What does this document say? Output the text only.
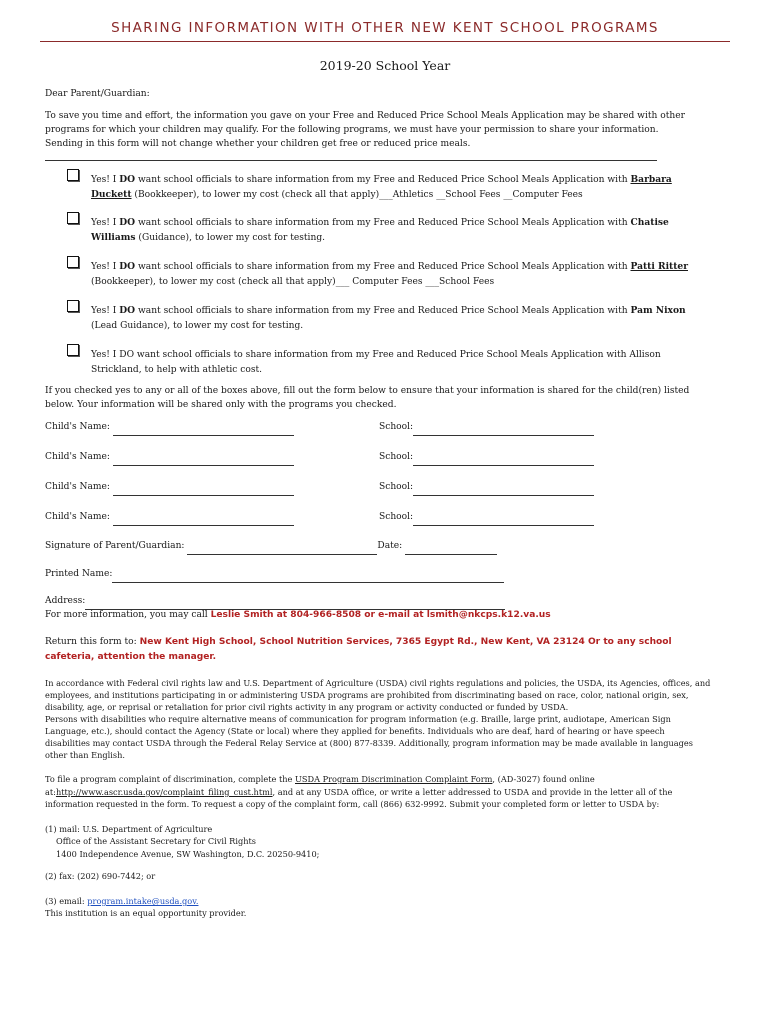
SHARING INFORMATION WITH OTHER NEW KENT SCHOOL PROGRAMS
2019-20 School Year
Dear Parent/Guardian:
To save you time and effort, the information you gave on your Free and Reduced Price School Meals Application may be shared with other
programs for which your children may qualify. For the following programs, we must have your permission to share your information.
Sending in this form will not change whether your children get free or reduced price meals.
Yes! I DO want school officials to share information from my Free and Reduced Price School Meals Application with Barbara
Duckett (Bookkeeper), to lower my cost (check all that apply)___Athletics __School Fees __Computer Fees
Yes! I DO want school officials to share information from my Free and Reduced Price School Meals Application with Chatise
Williams (Guidance), to lower my cost for testing.
Yes! I DO want school officials to share information from my Free and Reduced Price School Meals Application with Patti Ritter
(Bookkeeper), to lower my cost (check all that apply)___ Computer Fees ___School Fees
Yes! I DO want school officials to share information from my Free and Reduced Price School Meals Application with Pam Nixon
(Lead Guidance), to lower my cost for testing.
Yes! I DO want school officials to share information from my Free and Reduced Price School Meals Application with Allison
Strickland, to help with athletic cost.
If you checked yes to any or all of the boxes above, fill out the form below to ensure that your information is shared for the child(ren) listed
below. Your information will be shared only with the programs you checked.
Child's Name:	School:
Child's Name:	School:
Child's Name:	School:
Child's Name:	School:
Signature of Parent/Guardian:	Date:
Printed Name:
Address:
For more information, you may call Leslie Smith at 804-966-8508 or e-mail at lsmith@nkcps.k12.va.us
Return this form to: New Kent High School, School Nutrition Services, 7365 Egypt Rd., New Kent, VA 23124 Or to any school
cafeteria, attention the manager.
In accordance with Federal civil rights law and U.S. Department of Agriculture (USDA) civil rights regulations and policies, the USDA, its Agencies, offices, and
employees, and institutions participating in or administering USDA programs are prohibited from discriminating based on race, color, national origin, sex,
disability, age, or reprisal or retaliation for prior civil rights activity in any program or activity conducted or funded by USDA.
Persons with disabilities who require alternative means of communication for program information (e.g. Braille, large print, audiotape, American Sign
Language, etc.), should contact the Agency (State or local) where they applied for benefits. Individuals who are deaf, hard of hearing or have speech
disabilities may contact USDA through the Federal Relay Service at (800) 877-8339. Additionally, program information may be made available in languages
other than English.
To file a program complaint of discrimination, complete the USDA Program Discrimination Complaint Form, (AD-3027) found online
at:http://www.ascr.usda.gov/complaint_filing_cust.html, and at any USDA office, or write a letter addressed to USDA and provide in the letter all of the
information requested in the form. To request a copy of the complaint form, call (866) 632-9992. Submit your completed form or letter to USDA by:
(1) mail: U.S. Department of Agriculture
Office of the Assistant Secretary for Civil Rights
1400 Independence Avenue, SW Washington, D.C. 20250-9410;
(2) fax: (202) 690-7442; or
(3) email: program.intake@usda.gov.
This institution is an equal opportunity provider.
